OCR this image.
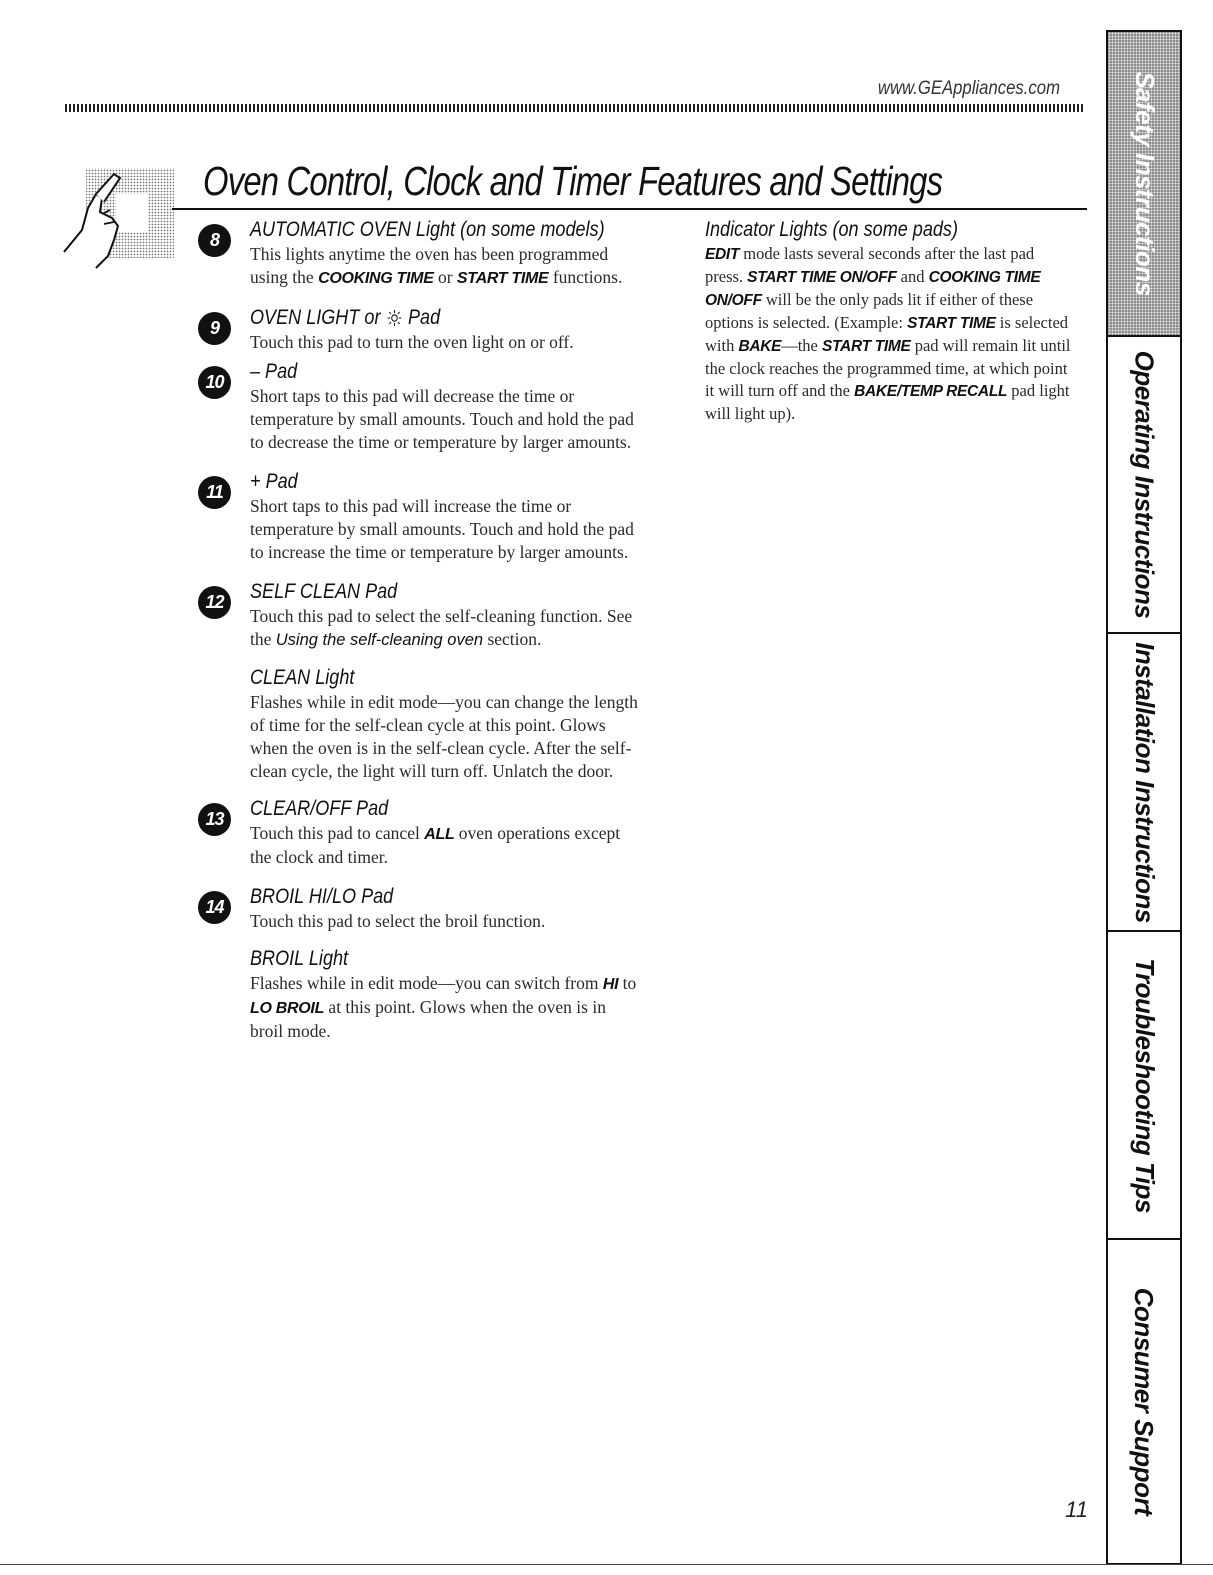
www.GEAppliances.com
Oven Control, Clock and Timer Features and Settings
8	AUTOMATIC OVEN Light (on some models)

This lights anytime the oven has been programmed using the COOKING TIME or START TIME functions.

9	OVEN LIGHT or Pad

Touch this pad to turn the oven light on or off.

10	– Pad

Short taps to this pad will decrease the time or temperature by small amounts. Touch and hold the pad to decrease the time or temperature by larger amounts.

11	+ Pad

Short taps to this pad will increase the time or temperature by small amounts. Touch and hold the pad to increase the time or temperature by larger amounts.

12	SELF CLEAN Pad

Touch this pad to select the self-cleaning function. See the Using the self-cleaning oven section.

CLEAN Light

Flashes while in edit mode—you can change the length of time for the self-clean cycle at this point. Glows when the oven is in the self-clean cycle. After the self-clean cycle, the light will turn off. Unlatch the door.

13	CLEAR/OFF Pad

Touch this pad to cancel ALL oven operations except the clock and timer.

14	BROIL HI/LO Pad

Touch this pad to select the broil function.

BROIL Light

Flashes while in edit mode—you can switch from HI to LO BROIL at this point. Glows when the oven is in broil mode.

Indicator Lights (on some pads)

EDIT mode lasts several seconds after the last pad press. START TIME ON/OFF and COOKING TIME ON/OFF will be the only pads lit if either of these options is selected. (Example: START TIME is selected with BAKE—the START TIME pad will remain lit until the clock reaches the programmed time, at which point it will turn off and the BAKE/TEMP RECALL pad light will light up).

Safety Instructions
Operating Instructions
Installation Instructions
Troubleshooting Tips
Consumer Support
11
